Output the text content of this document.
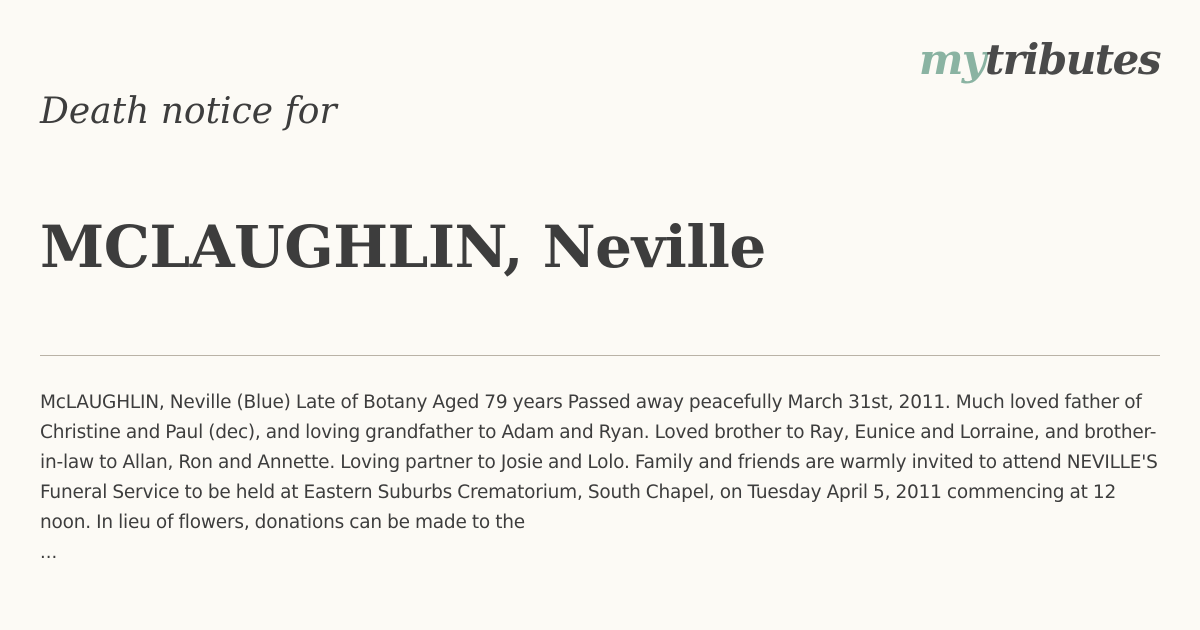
mytributes
Death notice for
MCLAUGHLIN, Neville
McLAUGHLIN, Neville (Blue) Late of Botany Aged 79 years Passed away peacefully March 31st, 2011. Much loved father of Christine and Paul (dec), and loving grandfather to Adam and Ryan. Loved brother to Ray, Eunice and Lorraine, and brother-in-law to Allan, Ron and Annette. Loving partner to Josie and Lolo. Family and friends are warmly invited to attend NEVILLE'S Funeral Service to be held at Eastern Suburbs Crematorium, South Chapel, on Tuesday April 5, 2011 commencing at 12 noon. In lieu of flowers, donations can be made to the
...
